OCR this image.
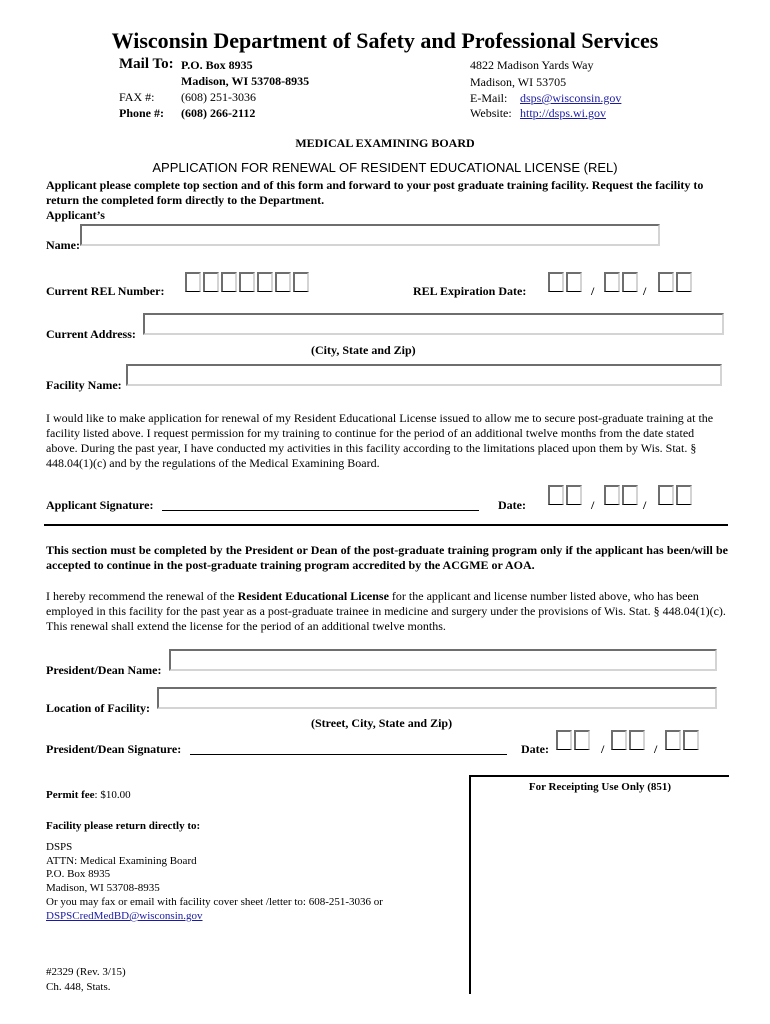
Wisconsin Department of Safety and Professional Services
Mail To: P.O. Box 8935
Madison, WI 53708-8935
FAX #: (608) 251-3036
Phone #: (608) 266-2112
4822 Madison Yards Way
Madison, WI 53705
E-Mail: dsps@wisconsin.gov
Website: http://dsps.wi.gov
MEDICAL EXAMINING BOARD
APPLICATION FOR RENEWAL OF RESIDENT EDUCATIONAL LICENSE (REL)
Applicant please complete top section and of this form and forward to your post graduate training facility. Request the facility to return the completed form directly to the Department.
Applicant’s
Name:
Current REL Number:	REL Expiration Date:	/	/
Current Address:
(City, State and Zip)
Facility Name:
I would like to make application for renewal of my Resident Educational License issued to allow me to secure post-graduate training at the facility listed above. I request permission for my training to continue for the period of an additional twelve months from the date stated above. During the past year, I have conducted my activities in this facility according to the limitations placed upon them by Wis. Stat. § 448.04(1)(c) and by the regulations of the Medical Examining Board.
Applicant Signature:	Date:	/	/
This section must be completed by the President or Dean of the post-graduate training program only if the applicant has been/will be accepted to continue in the post-graduate training program accredited by the ACGME or AOA.
I hereby recommend the renewal of the Resident Educational License for the applicant and license number listed above, who has been employed in this facility for the past year as a post-graduate trainee in medicine and surgery under the provisions of Wis. Stat. § 448.04(1)(c). This renewal shall extend the license for the period of an additional twelve months.
President/Dean Name:
Location of Facility:
(Street, City, State and Zip)
President/Dean Signature:	Date:	/	/
Permit fee: $10.00
Facility please return directly to:
DSPS
ATTN: Medical Examining Board
P.O. Box 8935
Madison, WI 53708-8935
Or you may fax or email with facility cover sheet /letter to: 608-251-3036 or
DSPSCredMedBD@wisconsin.gov
#2329 (Rev. 3/15)
Ch. 448, Stats.
For Receipting Use Only (851)
